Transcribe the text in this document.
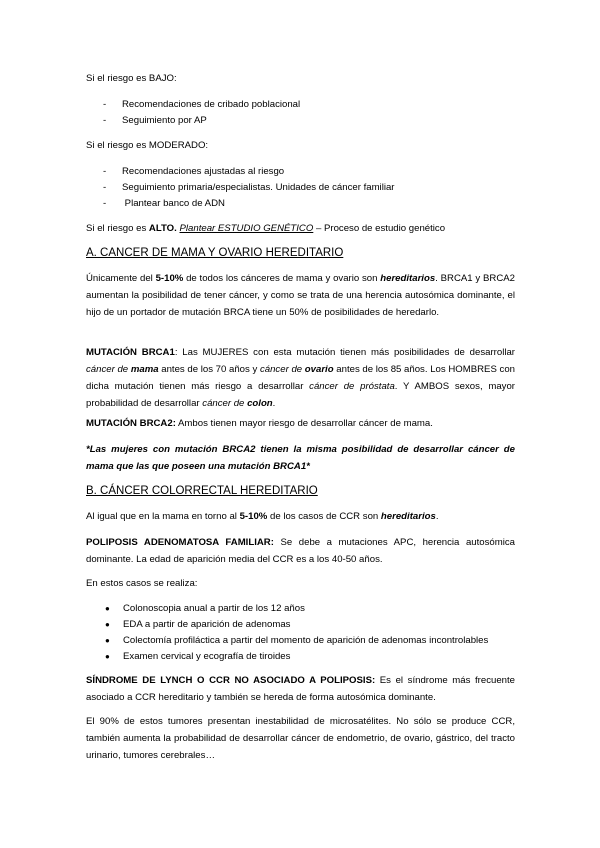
Si el riesgo es BAJO:

- Recomendaciones de cribado poblacional
- Seguimiento por AP

Si el riesgo es MODERADO:

- Recomendaciones ajustadas al riesgo
- Seguimiento primaria/especialistas. Unidades de cáncer familiar
- Plantear banco de ADN

Si el riesgo es ALTO. Plantear ESTUDIO GENÉTICO – Proceso de estudio genético

A. CANCER DE MAMA Y OVARIO HEREDITARIO

Únicamente del 5-10% de todos los cánceres de mama y ovario son hereditarios. BRCA1 y BRCA2 aumentan la posibilidad de tener cáncer, y como se trata de una herencia autosómica dominante, el hijo de un portador de mutación BRCA tiene un 50% de posibilidades de heredarlo.

MUTACIÓN BRCA1: Las MUJERES con esta mutación tienen más posibilidades de desarrollar cáncer de mama antes de los 70 años y cáncer de ovario antes de los 85 años. Los HOMBRES con dicha mutación tienen más riesgo a desarrollar cáncer de próstata. Y AMBOS sexos, mayor probabilidad de desarrollar cáncer de colon.

MUTACIÓN BRCA2: Ambos tienen mayor riesgo de desarrollar cáncer de mama.

*Las mujeres con mutación BRCA2 tienen la misma posibilidad de desarrollar cáncer de mama que las que poseen una mutación BRCA1*

B. CÁNCER COLORRECTAL HEREDITARIO

Al igual que en la mama en torno al 5-10% de los casos de CCR son hereditarios.

POLIPOSIS ADENOMATOSA FAMILIAR: Se debe a mutaciones APC, herencia autosómica dominante. La edad de aparición media del CCR es a los 40-50 años.

En estos casos se realiza:

● Colonoscopia anual a partir de los 12 años
● EDA a partir de aparición de adenomas
● Colectomía profiláctica a partir del momento de aparición de adenomas incontrolables
● Examen cervical y ecografía de tiroides

SÍNDROME DE LYNCH O CCR NO ASOCIADO A POLIPOSIS: Es el síndrome más frecuente asociado a CCR hereditario y también se hereda de forma autosómica dominante.

El 90% de estos tumores presentan inestabilidad de microsatélites. No sólo se produce CCR, también aumenta la probabilidad de desarrollar cáncer de endometrio, de ovario, gástrico, del tracto urinario, tumores cerebrales…
